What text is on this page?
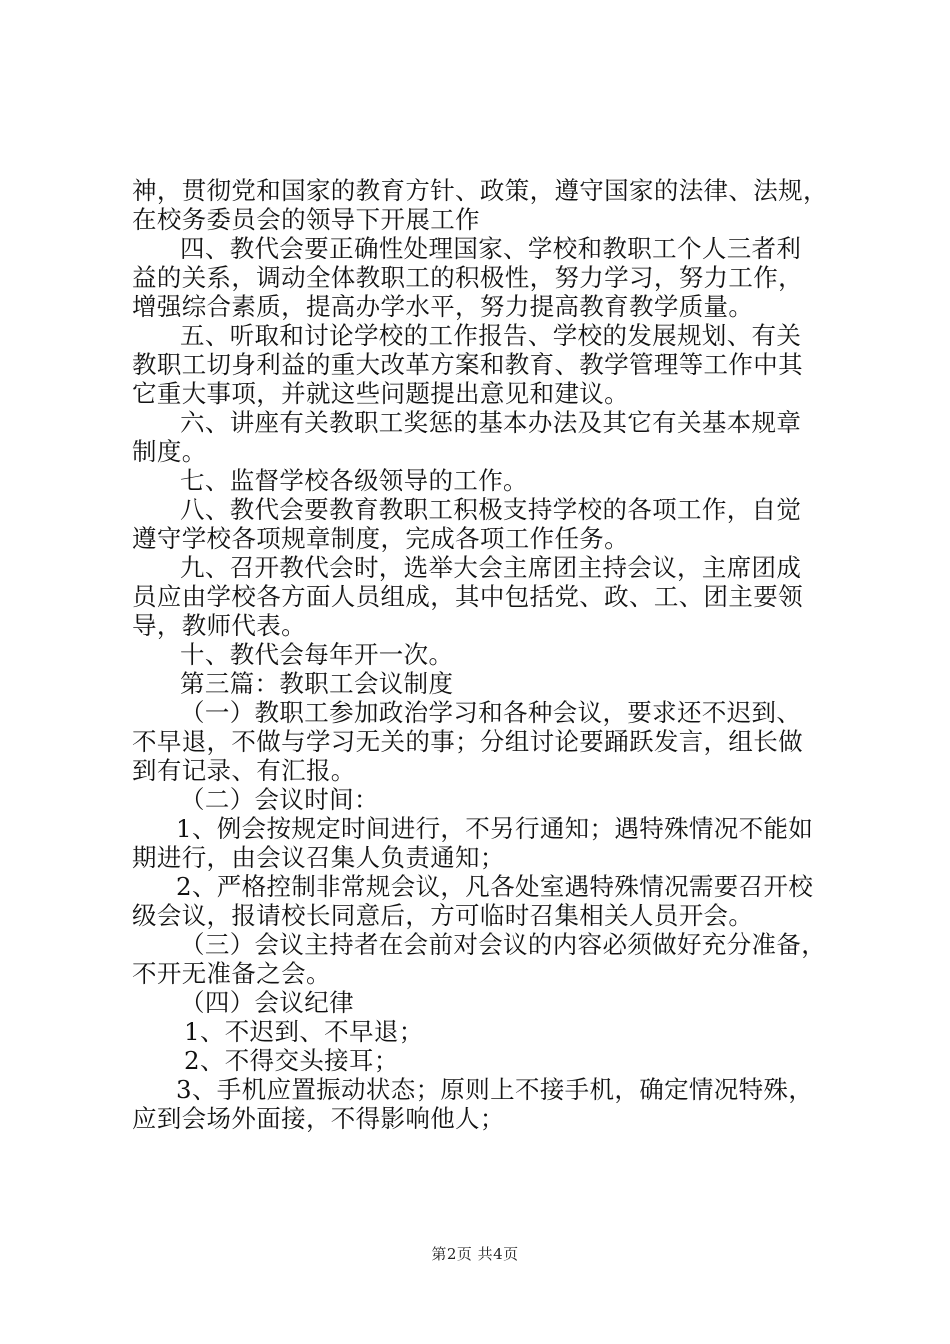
神，贯彻党和国家的教育方针、政策，遵守国家的法律、法规，
在校务委员会的领导下开展工作
四、教代会要正确性处理国家、学校和教职工个人三者利
益的关系，调动全体教职工的积极性，努力学习，努力工作，
增强综合素质，提高办学水平，努力提高教育教学质量。
五、听取和讨论学校的工作报告、学校的发展规划、有关
教职工切身利益的重大改革方案和教育、教学管理等工作中其
它重大事项，并就这些问题提出意见和建议。
六、讲座有关教职工奖惩的基本办法及其它有关基本规章
制度。
七、监督学校各级领导的工作。
八、教代会要教育教职工积极支持学校的各项工作，自觉
遵守学校各项规章制度，完成各项工作任务。
九、召开教代会时，选举大会主席团主持会议，主席团成
员应由学校各方面人员组成，其中包括党、政、工、团主要领
导，教师代表。
十、教代会每年开一次。
第三篇：教职工会议制度
（一）教职工参加政治学习和各种会议，要求还不迟到、
不早退，不做与学习无关的事；分组讨论要踊跃发言，组长做
到有记录、有汇报。
（二）会议时间：
1、例会按规定时间进行，不另行通知；遇特殊情况不能如
期进行，由会议召集人负责通知；
2、严格控制非常规会议，凡各处室遇特殊情况需要召开校
级会议，报请校长同意后，方可临时召集相关人员开会。
（三）会议主持者在会前对会议的内容必须做好充分准备，
不开无准备之会。
（四）会议纪律
1、不迟到、不早退；
2、不得交头接耳；
3、手机应置振动状态；原则上不接手机，确定情况特殊，
应到会场外面接，不得影响他人；
第2页 共4页
